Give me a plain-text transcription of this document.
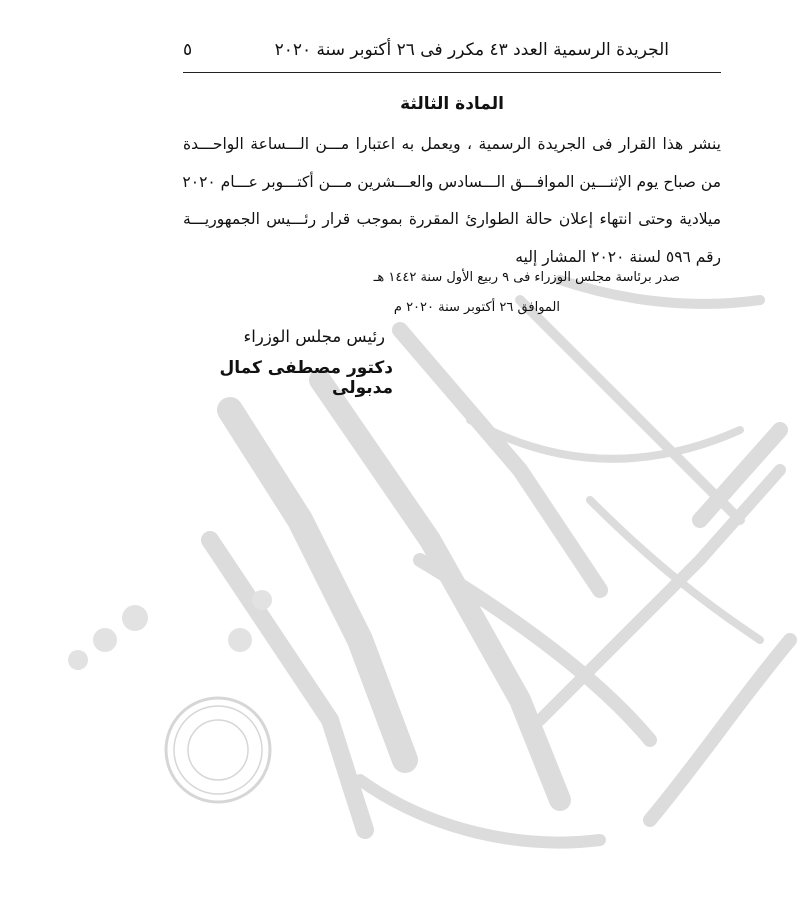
الجريدة الرسمية العدد ٤٣ مكرر فى ٢٦ أكتوبر سنة ٢٠٢٠
٥
المادة الثالثة
ينشر هذا القرار فى الجريدة الرسمية ، ويعمل به اعتبارا مـــن الـــساعة الواحـــدة
من صباح يوم الإثنـــين الموافـــق الـــسادس والعـــشرين مـــن أكتـــوبر عـــام ٢٠٢٠
ميلادية وحتى انتهاء إعلان حالة الطوارئ المقررة بموجب قرار رئـــيس الجمهوريـــة
رقم ٥٩٦ لسنة ٢٠٢٠ المشار إليه
صدر برئاسة مجلس الوزراء فى ٩ ربيع الأول سنة ١٤٤٢ هـ
الموافق ٢٦ أكتوبر سنة ٢٠٢٠ م
رئيس مجلس الوزراء
دكتور مصطفى كمال مدبولى
